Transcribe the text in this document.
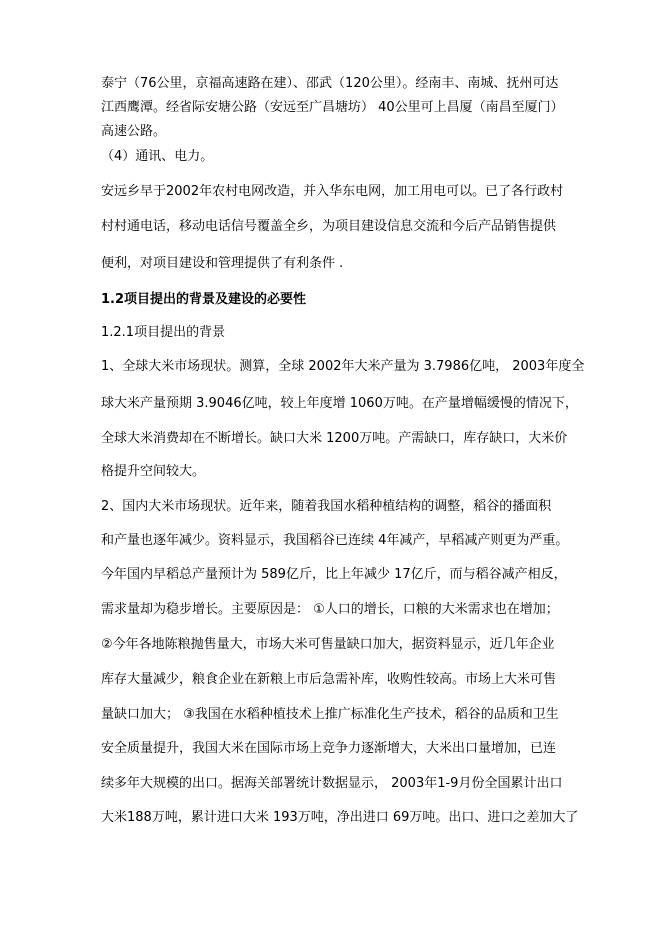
泰宁（76公里，京福高速路在建）、邵武（120公里）。经南丰、南城、抚州可达
江西鹰潭。经省际安塘公路（安远至广昌塘坊） 40公里可上昌厦（南昌至厦门）
高速公路。
（4）通讯、电力。
安远乡早于2002年农村电网改造，并入华东电网，加工用电可以。已了各行政村
村村通电话，移动电话信号覆盖全乡，为项目建设信息交流和今后产品销售提供
便利，对项目建设和管理提供了有利条件 .
1.2项目提出的背景及建设的必要性
1.2.1项目提出的背景
1、全球大米市场现状。测算，全球 2002年大米产量为 3.7986亿吨， 2003年度全
球大米产量预期 3.9046亿吨，较上年度增 1060万吨。在产量增幅缓慢的情况下，
全球大米消费却在不断增长。缺口大米 1200万吨。产需缺口，库存缺口，大米价
格提升空间较大。
2、国内大米市场现状。近年来，随着我国水稻种植结构的调整，稻谷的播面积
和产量也逐年减少。资料显示，我国稻谷已连续 4年减产，早稻减产则更为严重。
今年国内早稻总产量预计为 589亿斤，比上年减少 17亿斤，而与稻谷减产相反，
需求量却为稳步增长。主要原因是： ①人口的增长，口粮的大米需求也在增加；
②今年各地陈粮抛售量大，市场大米可售量缺口加大，据资料显示，近几年企业
库存大量减少，粮食企业在新粮上市后急需补库，收购性较高。市场上大米可售
量缺口加大； ③我国在水稻种植技术上推广标准化生产技术，稻谷的品质和卫生
安全质量提升，我国大米在国际市场上竞争力逐渐增大，大米出口量增加，已连
续多年大规模的出口。据海关部署统计数据显示， 2003年1-9月份全国累计出口
大米188万吨，累计进口大米 193万吨，净出进口 69万吨。出口、进口之差加大了
